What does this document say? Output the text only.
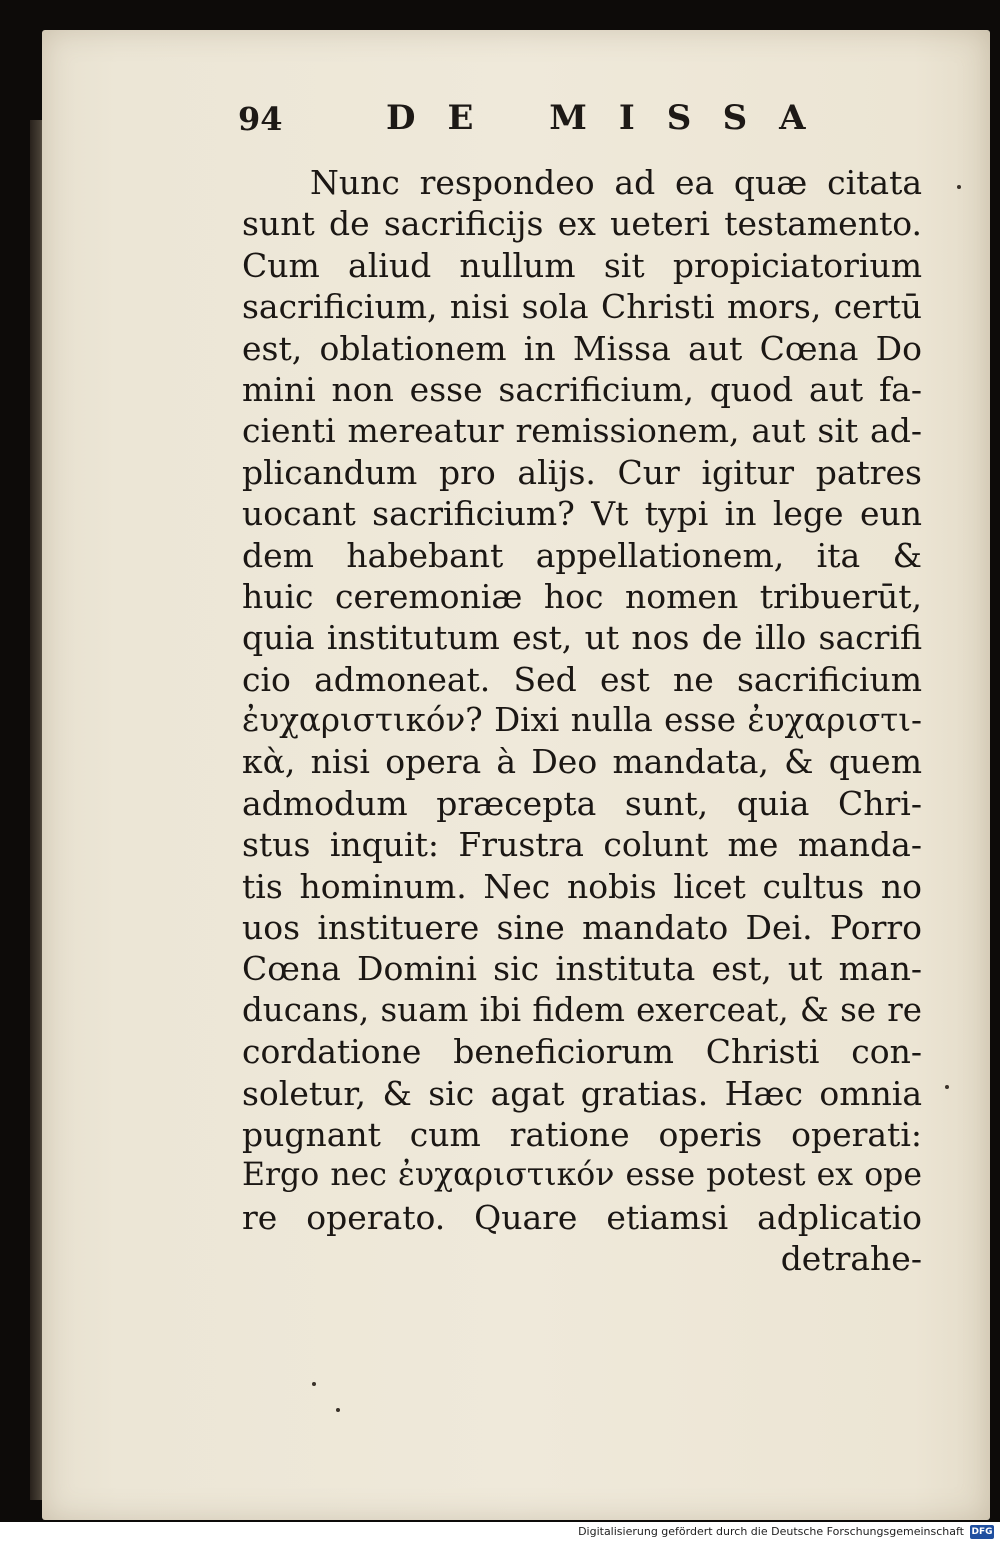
94	DE MISSA
Nunc respondeo ad ea quæ citata
sunt de sacrificijs ex ueteri testamento.
Cum aliud nullum sit propiciatorium
sacrificium, nisi sola Christi mors, certū
est, oblationem in Missa aut Cœna Do
mini non esse sacrificium, quod aut fa-
cienti mereatur remissionem, aut sit ad-
plicandum pro alijs. Cur igitur patres
uocant sacrificium? Vt typi in lege eun
dem habebant appellationem, ita &
huic ceremoniæ hoc nomen tribuerūt,
quia institutum est, ut nos de illo sacrifi
cio admoneat. Sed est ne sacrificium
ἐυχαριστικόν? Dixi nulla esse ἐυχαριστι-
κὰ, nisi opera à Deo mandata, & quem
admodum præcepta sunt, quia Chri-
stus inquit: Frustra colunt me manda-
tis hominum. Nec nobis licet cultus no
uos instituere sine mandato Dei. Porro
Cœna Domini sic instituta est, ut man-
ducans, suam ibi fidem exerceat, & se re
cordatione beneficiorum Christi con-
soletur, & sic agat gratias. Hæc omnia
pugnant cum ratione operis operati:
Ergo nec ἐυχαριστικόν esse potest ex ope
re operato. Quare etiamsi adplicatio
detrahe-
Digitalisierung gefördert durch die Deutsche Forschungsgemeinschaft DFG
